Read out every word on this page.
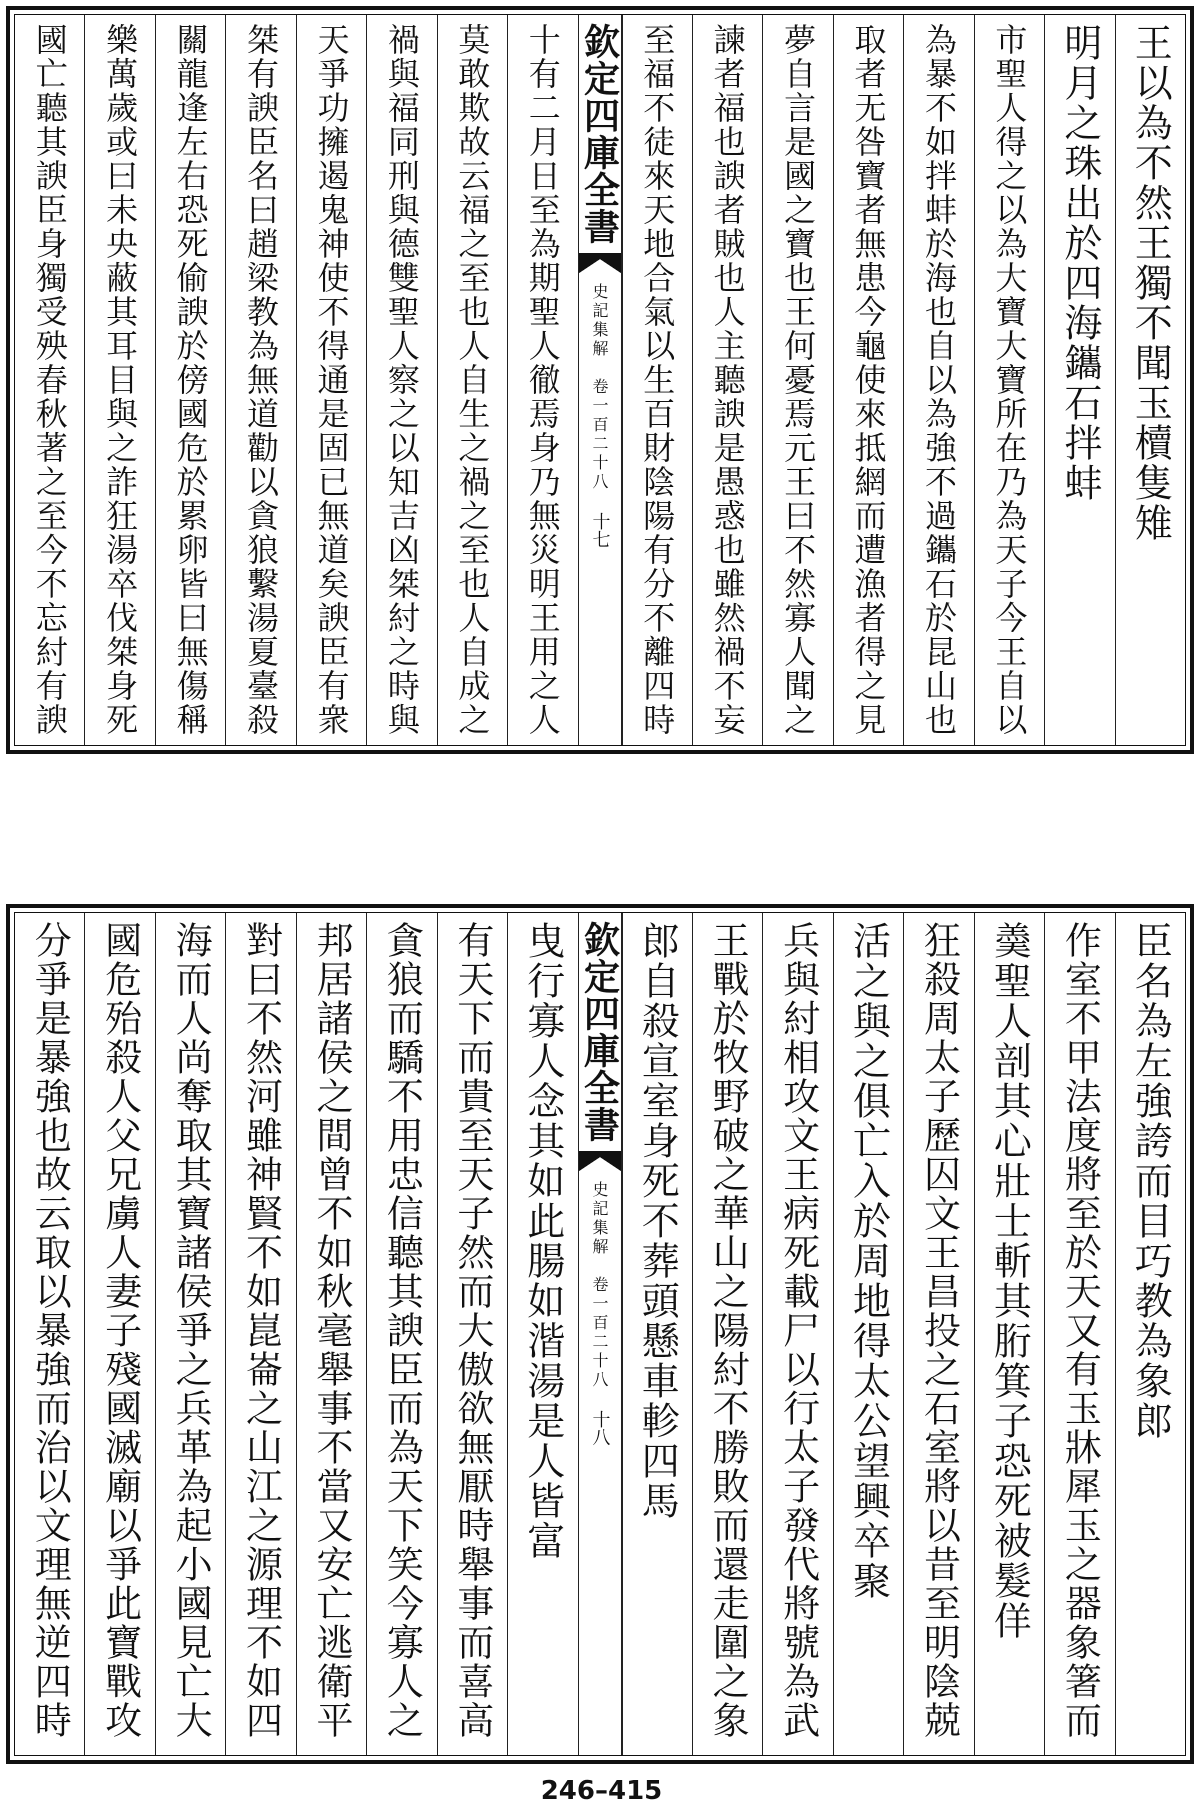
王以為不然王獨不聞玉櫝隻雉
明月之珠出於四海鑴石拌蚌
市聖人得之以為大寶大寶所在乃為天子今王自以
為暴不如拌蚌於海也自以為強不過鑴石於昆山也
取者无咎寶者無患今龜使來抵網而遭漁者得之見
夢自言是國之寶也王何憂焉元王曰不然寡人聞之
諫者福也諛者賊也人主聽諛是愚惑也雖然禍不妄
至福不徒來天地合氣以生百財陰陽有分不離四時
欽定四庫全書
史記集解　卷一百二十八
十七
十有二月日至為期聖人徹焉身乃無災明王用之人
莫敢欺故云福之至也人自生之禍之至也人自成之
禍與福同刑與德雙聖人察之以知吉凶桀紂之時與
天爭功擁遏鬼神使不得通是固已無道矣諛臣有衆
桀有諛臣名曰趙梁教為無道勸以貪狼繫湯夏臺殺
關龍逢左右恐死偷諛於傍國危於累卵皆曰無傷稱
樂萬歲或曰未央蔽其耳目與之詐狂湯卒伐桀身死
國亡聽其諛臣身獨受殃春秋著之至今不忘紂有諛
臣名為左強誇而目巧教為象郎
作室不甲法度將至於天又有玉牀犀玉之器象箸而
羮聖人剖其心壯士斬其胻箕子恐死被髮佯
狂殺周太子歷囚文王昌投之石室將以昔至明陰兢
活之與之俱亡入於周地得太公望興卒聚
兵與紂相攻文王病死載尸以行太子發代將號為武
王戰於牧野破之華山之陽紂不勝敗而還走圍之象
郎自殺宣室身死不葬頭懸車軫四馬
欽定四庫全書
史記集解　卷一百二十八
十八
曳行寡人念其如此腸如湝湯是人皆富
有天下而貴至天子然而大傲欲無厭時舉事而喜高
貪狼而驕不用忠信聽其諛臣而為天下笑今寡人之
邦居諸侯之間曾不如秋毫舉事不當又安亡逃衛平
對曰不然河雖神賢不如崑崙之山江之源理不如四
海而人尚奪取其寶諸侯爭之兵革為起小國見亡大
國危殆殺人父兄虜人妻子殘國滅廟以爭此寶戰攻
分爭是暴強也故云取以暴強而治以文理無逆四時
246–415
